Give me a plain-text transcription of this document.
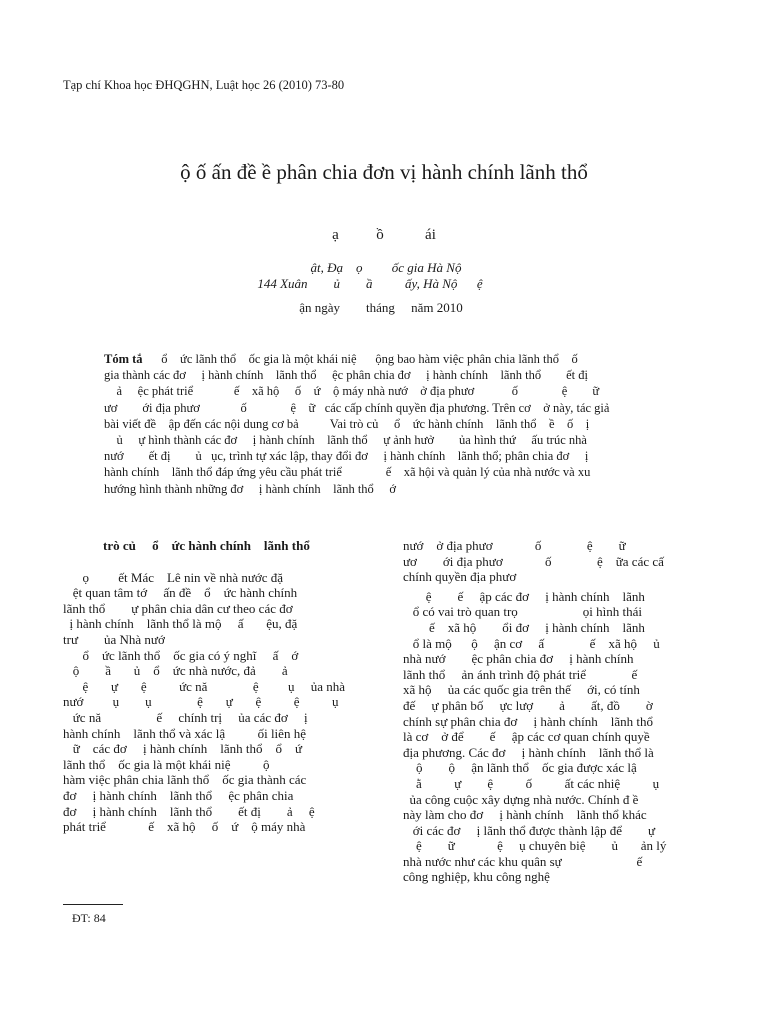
Tạp chí Khoa học ĐHQGHN, Luật học 26 (2010) 73-80
ộ ố ấn đề ề phân chia đơn vị hành chính lãnh thổ
ạ          ồ           ái
ật, Đạ    ọ         ốc gia Hà Nộ
144 Xuân        ủ        ầ          ấy, Hà Nộ      ệ
ận ngày        tháng     năm 2010
Tóm tắ      ổ    ức lãnh thổ    ốc gia là một khái niệ      ộng bao hàm việc phân chia lãnh thổ    ố
gia thành các đơ     ị hành chính    lãnh thổ     ệc phân chia đơ     ị hành chính    lãnh thổ        ết đị
ả     ệc phát triể             ế    xã hộ     ố    ứ    ộ máy nhà nướ    ở địa phươ            ố              ệ        ữ
ươ        ới địa phươ             ố              ệ    ữ   các cấp chính quyền địa phương. Trên cơ    ở này, tác giả
bài viết đề    ập đến các nội dung cơ bả          Vai trò củ     ổ    ức hành chính    lãnh thổ    ề    ố    ị
ủ     ự hình thành các đơ     ị hành chính    lãnh thổ     ự ảnh hưở        ủa hình thứ     ấu trúc nhà
nướ        ết đị        ủ   ục, trình tự xác lập, thay đổi đơ     ị hành chính    lãnh thổ; phân chia đơ     ị
hành chính    lãnh thổ đáp ứng yêu cầu phát triể              ế    xã hội và quản lý của nhà nước và xu
hướng hình thành những đơ     ị hành chính    lãnh thổ     ớ
trò củ     ổ    ức hành chính    lãnh thổ
ọ         ết Mác    Lê nin về nhà nước đặ
ệt quan tâm tớ     ấn đề    ổ    ức hành chính
lãnh thổ        ự phân chia dân cư theo các đơ
ị hành chính    lãnh thổ là mộ     ấ       ệu, đặ
trư        ủa Nhà nướ
ổ    ức lãnh thổ    ốc gia có ý nghĩ     ấ    ớ
ộ        ầ       ủ    ổ    ức nhà nước, đả        ả
ệ       ự       ệ          ức nă              ệ         ụ     ủa nhà
nướ         ụ        ụ              ệ       ự       ệ          ệ          ụ
ức nă                 ế     chính trị     ủa các đơ     ị
hành chính    lãnh thổ và xác lậ          ối liên hệ
ữ    các đơ     ị hành chính    lãnh thổ    ổ    ứ
lãnh thổ    ốc gia là một khái niệ          ộ
hàm việc phân chia lãnh thổ    ốc gia thành các
đơ     ị hành chính    lãnh thổ     ệc phân chia
đơ     ị hành chính    lãnh thổ        ết đị        ả     ệ
phát triể             ế    xã hộ     ố    ứ    ộ máy nhà
nướ    ở địa phươ             ố              ệ        ữ
ươ        ới địa phươ             ố              ệ    ữa các cấ
chính quyền địa phươ
ệ        ế     ập các đơ     ị hành chính    lãnh
ổ có vai trò quan trọ                    ọi hình thái
ế    xã hộ        ổi đơ     ị hành chính    lãnh
ổ là mộ      ộ     ận cơ     ấ              ế    xã hộ     ủ
nhà nướ        ệc phân chia đơ     ị hành chính
lãnh thổ     ản ánh trình độ phát triể              ế
xã hộ     ủa các quốc gia trên thế     ới, có tính
đế     ự phân bố     ực lượ        ả        ất, đồ        ờ
chính sự phân chia đơ     ị hành chính    lãnh thổ
là cơ    ở để        ế     ập các cơ quan chính quyề
địa phương. Các đơ     ị hành chính    lãnh thổ là
ộ        ộ     ận lãnh thổ    ốc gia được xác lậ
ằ          ự        ệ          ố          ất các nhiệ          ụ
ủa công cuộc xây dựng nhà nước. Chính đ ề
này làm cho đơ     ị hành chính    lãnh thổ khác
ới các đơ     ị lãnh thổ được thành lập để        ự
ệ        ữ             ệ     ụ chuyên biệ        ủ       ản lý
nhà nước như các khu quân sự                       ế
công nghiệp, khu công nghệ
ĐT: 84
